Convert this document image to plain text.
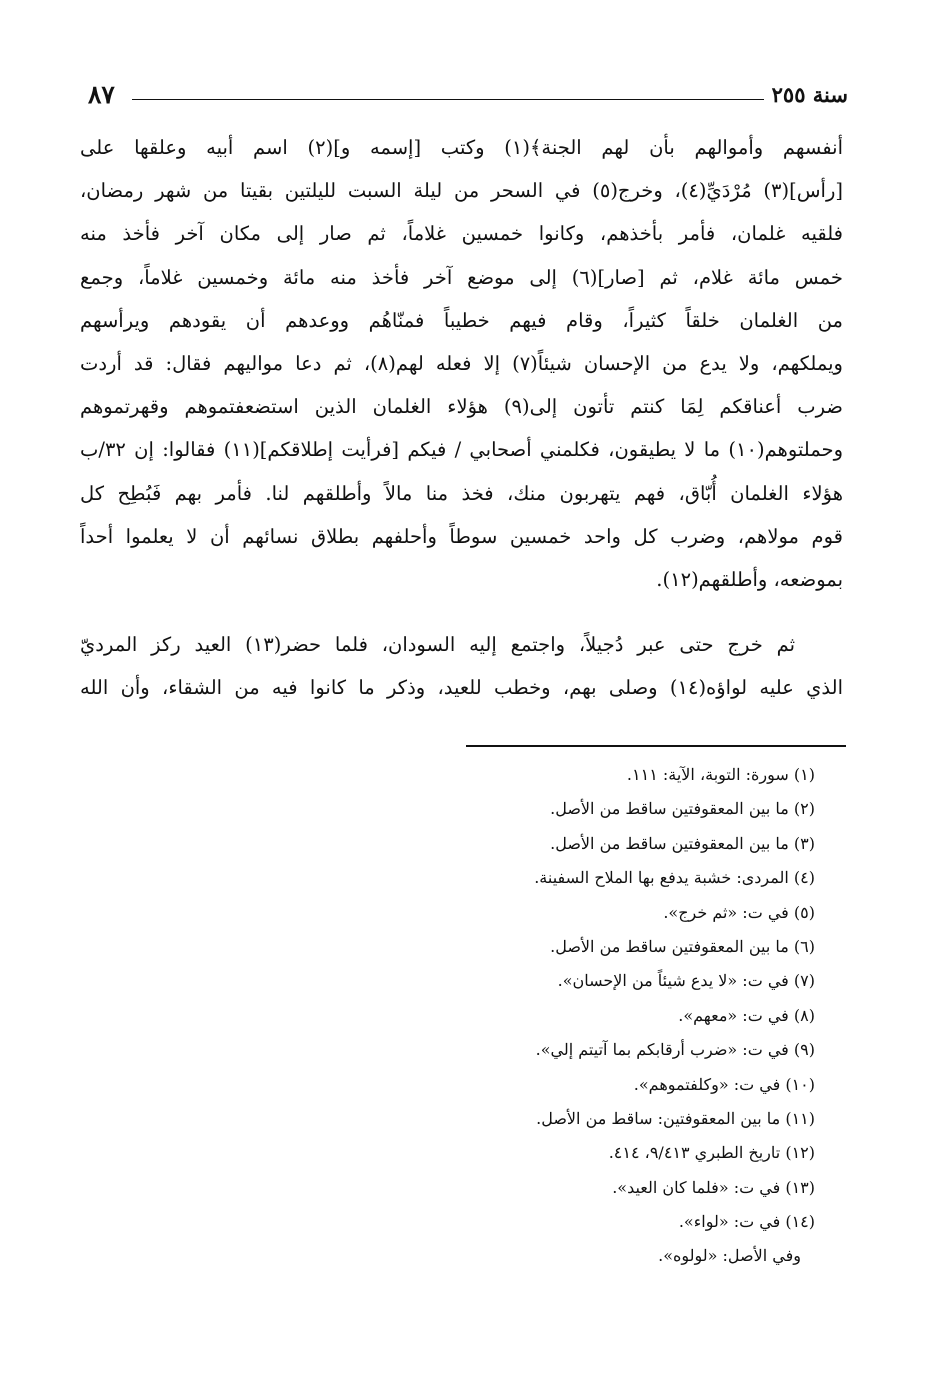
سنة ٢٥٥
٨٧
أنفسهم وأموالهم بأن لهم الجنة﴾(١) وكتب [إسمه و](٢) اسم أبيه وعلقها على
[رأس](٣) مُرْدَيِّ(٤)، وخرج(٥) في السحر من ليلة السبت لليلتين بقيتا من شهر رمضان،
فلقيه غلمان، فأمر بأخذهم، وكانوا خمسين غلاماً، ثم صار إلى مكان آخر فأخذ منه
خمس مائة غلام، ثم [صار](٦) إلى موضع آخر فأخذ منه مائة وخمسين غلاماً، وجمع
من الغلمان خلقاً كثيراً، وقام فيهم خطيباً فمنّاهُم ووعدهم أن يقودهم ويرأسهم
ويملكهم، ولا يدع من الإحسان شيئاً(٧) إلا فعله لهم(٨)، ثم دعا مواليهم فقال: قد أردت
ضرب أعناقكم لِمَا كنتم تأتون إلى(٩) هؤلاء الغلمان الذين استضعفتموهم وقهرتموهم
وحملتوهم(١٠) ما لا يطيقون، فكلمني أصحابي / فيكم [فرأيت إطلاقكم](١١) فقالوا: إن ٣٢/ب
هؤلاء الغلمان أُبّاق، فهم يتهربون منك، فخذ منا مالاً وأطلقهم لنا. فأمر بهم فَبُطِح كل
قوم مولاهم، وضرب كل واحد خمسين سوطاً وأحلفهم بطلاق نسائهم أن لا يعلموا أحداً
بموضعه، وأطلقهم(١٢).
ثم خرج حتى عبر دُجيلاً، واجتمع إليه السودان، فلما حضر(١٣) العيد ركز المرديّ
الذي عليه لواؤه(١٤) وصلى بهم، وخطب للعيد، وذكر ما كانوا فيه من الشقاء، وأن الله
(١) سورة: التوبة، الآية: ١١١.
(٢) ما بين المعقوفتين ساقط من الأصل.
(٣) ما بين المعقوفتين ساقط من الأصل.
(٤) المردى: خشبة يدفع بها الملاح السفينة.
(٥) في ت: «ثم خرج».
(٦) ما بين المعقوفتين ساقط من الأصل.
(٧) في ت: «لا يدع شيئاً من الإحسان».
(٨) في ت: «معهم».
(٩) في ت: «ضرب أرقابكم بما آتيتم إلي».
(١٠) في ت: «وكلفتموهم».
(١١) ما بين المعقوفتين: ساقط من الأصل.
(١٢) تاريخ الطبري ٩/٤١٣، ٤١٤.
(١٣) في ت: «فلما كان العيد».
(١٤) في ت: «لواء».
وفي الأصل: «لولوه».
